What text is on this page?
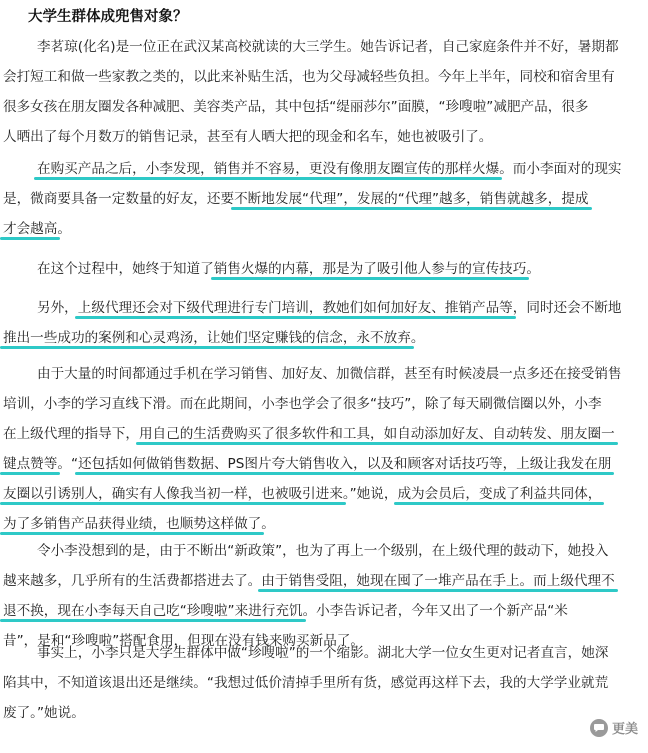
大学生群体成兜售对象？
李茗琼(化名)是一位正在武汉某高校就读的大三学生。她告诉记者，自己家庭条件并不好，暑期都
会打短工和做一些家教之类的，以此来补贴生活，也为父母减轻些负担。今年上半年，同校和宿舍里有
很多女孩在朋友圈发各种减肥、美容类产品，其中包括“缇丽莎尔”面膜，“珍嗖啦”减肥产品，很多
人晒出了每个月数万的销售记录，甚至有人晒大把的现金和名车，她也被吸引了。
在购买产品之后，小李发现，销售并不容易，更没有像朋友圈宣传的那样火爆。而小李面对的现实
是，微商要具备一定数量的好友，还要不断地发展“代理”，发展的“代理”越多，销售就越多，提成
才会越高。
在这个过程中，她终于知道了销售火爆的内幕，那是为了吸引他人参与的宣传技巧。
另外，上级代理还会对下级代理进行专门培训，教她们如何加好友、推销产品等，同时还会不断地
推出一些成功的案例和心灵鸡汤，让她们坚定赚钱的信念，永不放弃。
由于大量的时间都通过手机在学习销售、加好友、加微信群，甚至有时候凌晨一点多还在接受销售
培训，小李的学习直线下滑。而在此期间，小李也学会了很多“技巧”，除了每天刷微信圈以外，小李
在上级代理的指导下，用自己的生活费购买了很多软件和工具，如自动添加好友、自动转发、朋友圈一
键点赞等。“还包括如何做销售数据、PS图片夸大销售收入，以及和顾客对话技巧等，上级让我发在朋
友圈以引诱别人，确实有人像我当初一样，也被吸引进来。”她说，成为会员后，变成了利益共同体，
为了多销售产品获得业绩，也顺势这样做了。
令小李没想到的是，由于不断出“新政策”，也为了再上一个级别，在上级代理的鼓动下，她投入
越来越多，几乎所有的生活费都搭进去了。由于销售受阻，她现在囤了一堆产品在手上。而上级代理不
退不换，现在小李每天自己吃“珍嗖啦”来进行充饥。小李告诉记者，今年又出了一个新产品“米
昔”，是和“珍嗖啦”搭配食用，但现在没有钱来购买新品了。
事实上，小李只是大学生群体中做“珍嗖啦”的一个缩影。湖北大学一位女生更对记者直言，她深
陷其中，不知道该退出还是继续。“我想过低价清掉手里所有货，感觉再这样下去，我的大学学业就荒
废了。”她说。
更美
